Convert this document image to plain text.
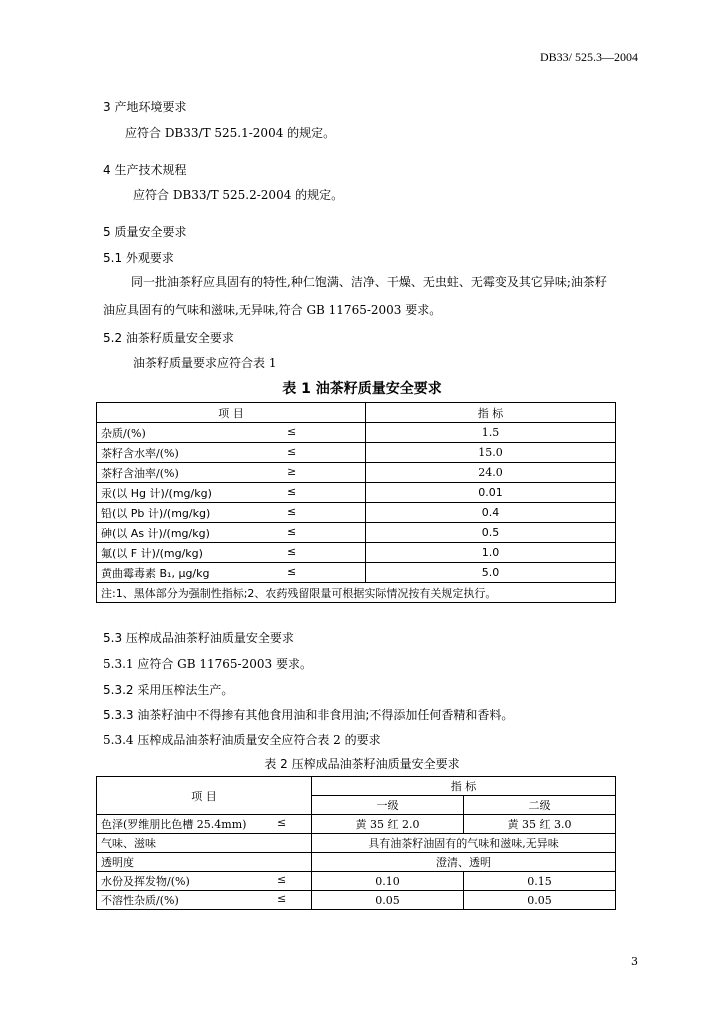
DB33/ 525.3—2004
3 产地环境要求
应符合 DB33/T 525.1-2004 的规定。
4 生产技术规程
应符合 DB33/T 525.2-2004 的规定。
5 质量安全要求
5.1 外观要求
同一批油茶籽应具固有的特性,种仁饱满、洁净、干燥、无虫蛀、无霉变及其它异味;油茶籽
油应具固有的气味和滋味,无异味,符合 GB 11765-2003 要求。
5.2 油茶籽质量安全要求
油茶籽质量要求应符合表 1
表 1 油茶籽质量安全要求
项 目	指 标
杂质/(%) ≤	1.5
茶籽含水率/(%) ≤	15.0
茶籽含油率/(%) ≥	24.0
汞(以 Hg 计)/(mg/kg) ≤	0.01
铅(以 Pb 计)/(mg/kg) ≤	0.4
砷(以 As 计)/(mg/kg) ≤	0.5
氟(以 F 计)/(mg/kg) ≤	1.0
黄曲霉毒素 B₁, μg/kg ≤	5.0
注:1、黑体部分为强制性指标;2、农药残留限量可根据实际情况按有关规定执行。	
5.3 压榨成品油茶籽油质量安全要求
5.3.1 应符合 GB 11765-2003 要求。
5.3.2 采用压榨法生产。
5.3.3 油茶籽油中不得掺有其他食用油和非食用油;不得添加任何香精和香料。
5.3.4 压榨成品油茶籽油质量安全应符合表 2 的要求
表 2 压榨成品油茶籽油质量安全要求
项 目	指 标	
	一级	二级
色泽(罗维朋比色槽 25.4mm) ≤	黄 35 红 2.0	黄 35 红 3.0
气味、滋味	具有油茶籽油固有的气味和滋味,无异味	
透明度	澄清、透明	
水份及挥发物/(%) ≤	0.10	0.15
不溶性杂质/(%) ≤	0.05	0.05
3
